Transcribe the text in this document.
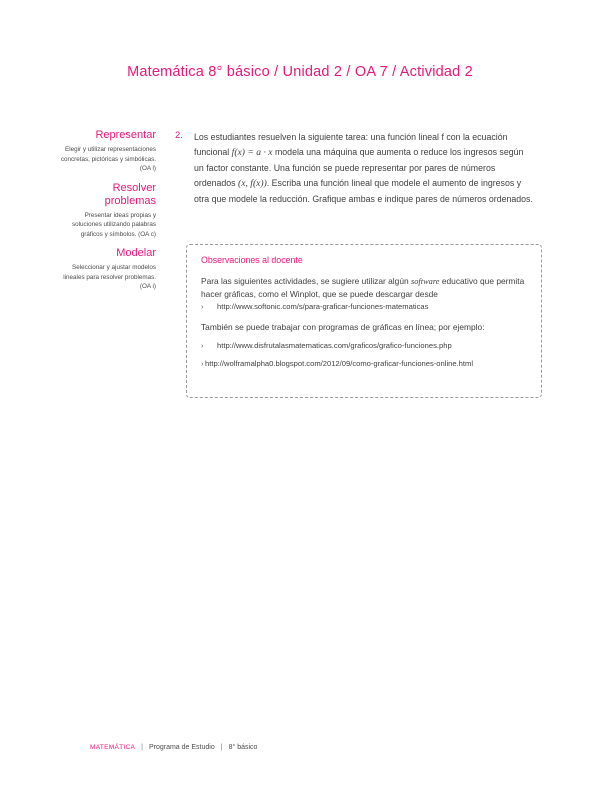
Matemática 8° básico / Unidad 2 / OA 7 / Actividad 2
Representar
Elegir y utilizar representaciones concretas, pictóricas y simbólicas. (OA l)
Resolver problemas
Presentar ideas propias y soluciones utilizando palabras gráficos y símbolos. (OA c)
Modelar
Seleccionar y ajustar modelos lineales para resolver problemas. (OA i)
2. Los estudiantes resuelven la siguiente tarea: una función lineal f con la ecuación funcional f(x) = a · x modela una máquina que aumenta o reduce los ingresos según un factor constante. Una función se puede representar por pares de números ordenados (x, f(x)). Escriba una función lineal que modele el aumento de ingresos y otra que modele la reducción. Grafique ambas e indique pares de números ordenados.
Observaciones al docente
Para las siguientes actividades, se sugiere utilizar algún software educativo que permita hacer gráficas, como el Winplot, que se puede descargar desde
›	http://www.softonic.com/s/para-graficar-funciones-matematicas
También se puede trabajar con programas de gráficas en línea; por ejemplo:
›	http://www.disfrutalasmatematicas.com/graficos/grafico-funciones.php
› http://wolframalpha0.blogspot.com/2012/09/como-graficar-funciones-online.html
MATEMÁTICA | Programa de Estudio | 8° básico
